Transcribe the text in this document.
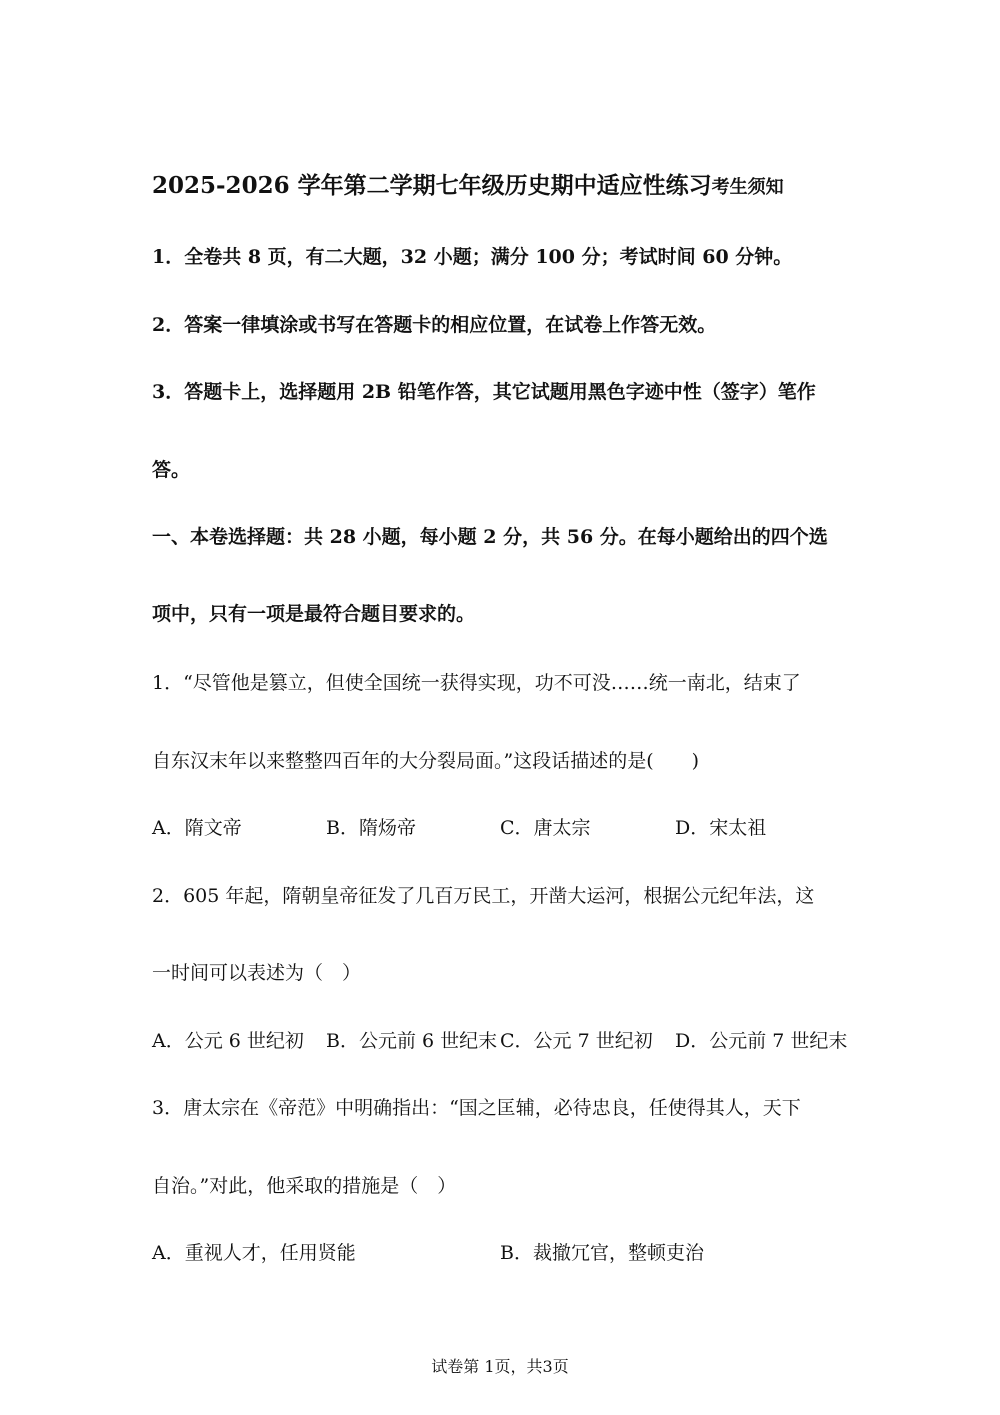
2025-2026 学年第二学期七年级历史期中适应性练习考生须知
1．全卷共 8 页，有二大题，32 小题；满分 100 分；考试时间 60 分钟。
2．答案一律填涂或书写在答题卡的相应位置，在试卷上作答无效。
3．答题卡上，选择题用 2B 铅笔作答，其它试题用黑色字迹中性（签字）笔作
答。
一、本卷选择题：共 28 小题，每小题 2 分，共 56 分。在每小题给出的四个选
项中，只有一项是最符合题目要求的。
1．“尽管他是篡立，但使全国统一获得实现，功不可没……统一南北，结束了
自东汉末年以来整整四百年的大分裂局面。”这段话描述的是(　　)
A．隋文帝	B．隋炀帝	C．唐太宗	D．宋太祖
2．605 年起，隋朝皇帝征发了几百万民工，开凿大运河，根据公元纪年法，这
一时间可以表述为（　）
A．公元 6 世纪初 B．公元前 6 世纪末 C．公元 7 世纪初 D．公元前 7 世纪末
3．唐太宗在《帝范》中明确指出：“国之匡辅，必待忠良，任使得其人，天下
自治。”对此，他采取的措施是（　）
A．重视人才，任用贤能	B．裁撤冗官，整顿吏治
试卷第 1页，共3页
